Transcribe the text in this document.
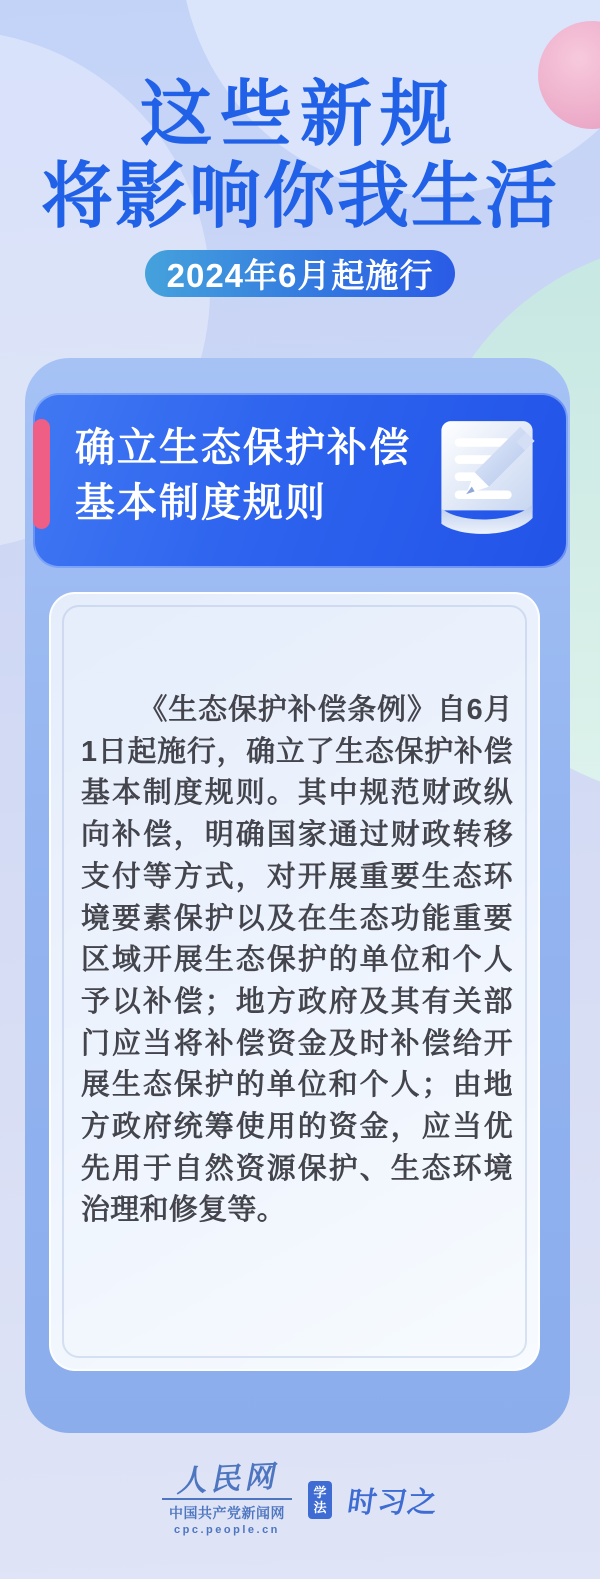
这些新规
将影响你我生活
2024年6月起施行
确立生态保护补偿
基本制度规则
《生态保护补偿条例》自6月1日起施行，确立了生态保护补偿基本制度规则。其中规范财政纵向补偿，明确国家通过财政转移支付等方式，对开展重要生态环境要素保护以及在生态功能重要区域开展生态保护的单位和个人予以补偿；地方政府及其有关部门应当将补偿资金及时补偿给开展生态保护的单位和个人；由地方政府统筹使用的资金，应当优先用于自然资源保护、生态环境治理和修复等。
人民网
中国共产党新闻网
cpc.people.cn
学
法 时习之
